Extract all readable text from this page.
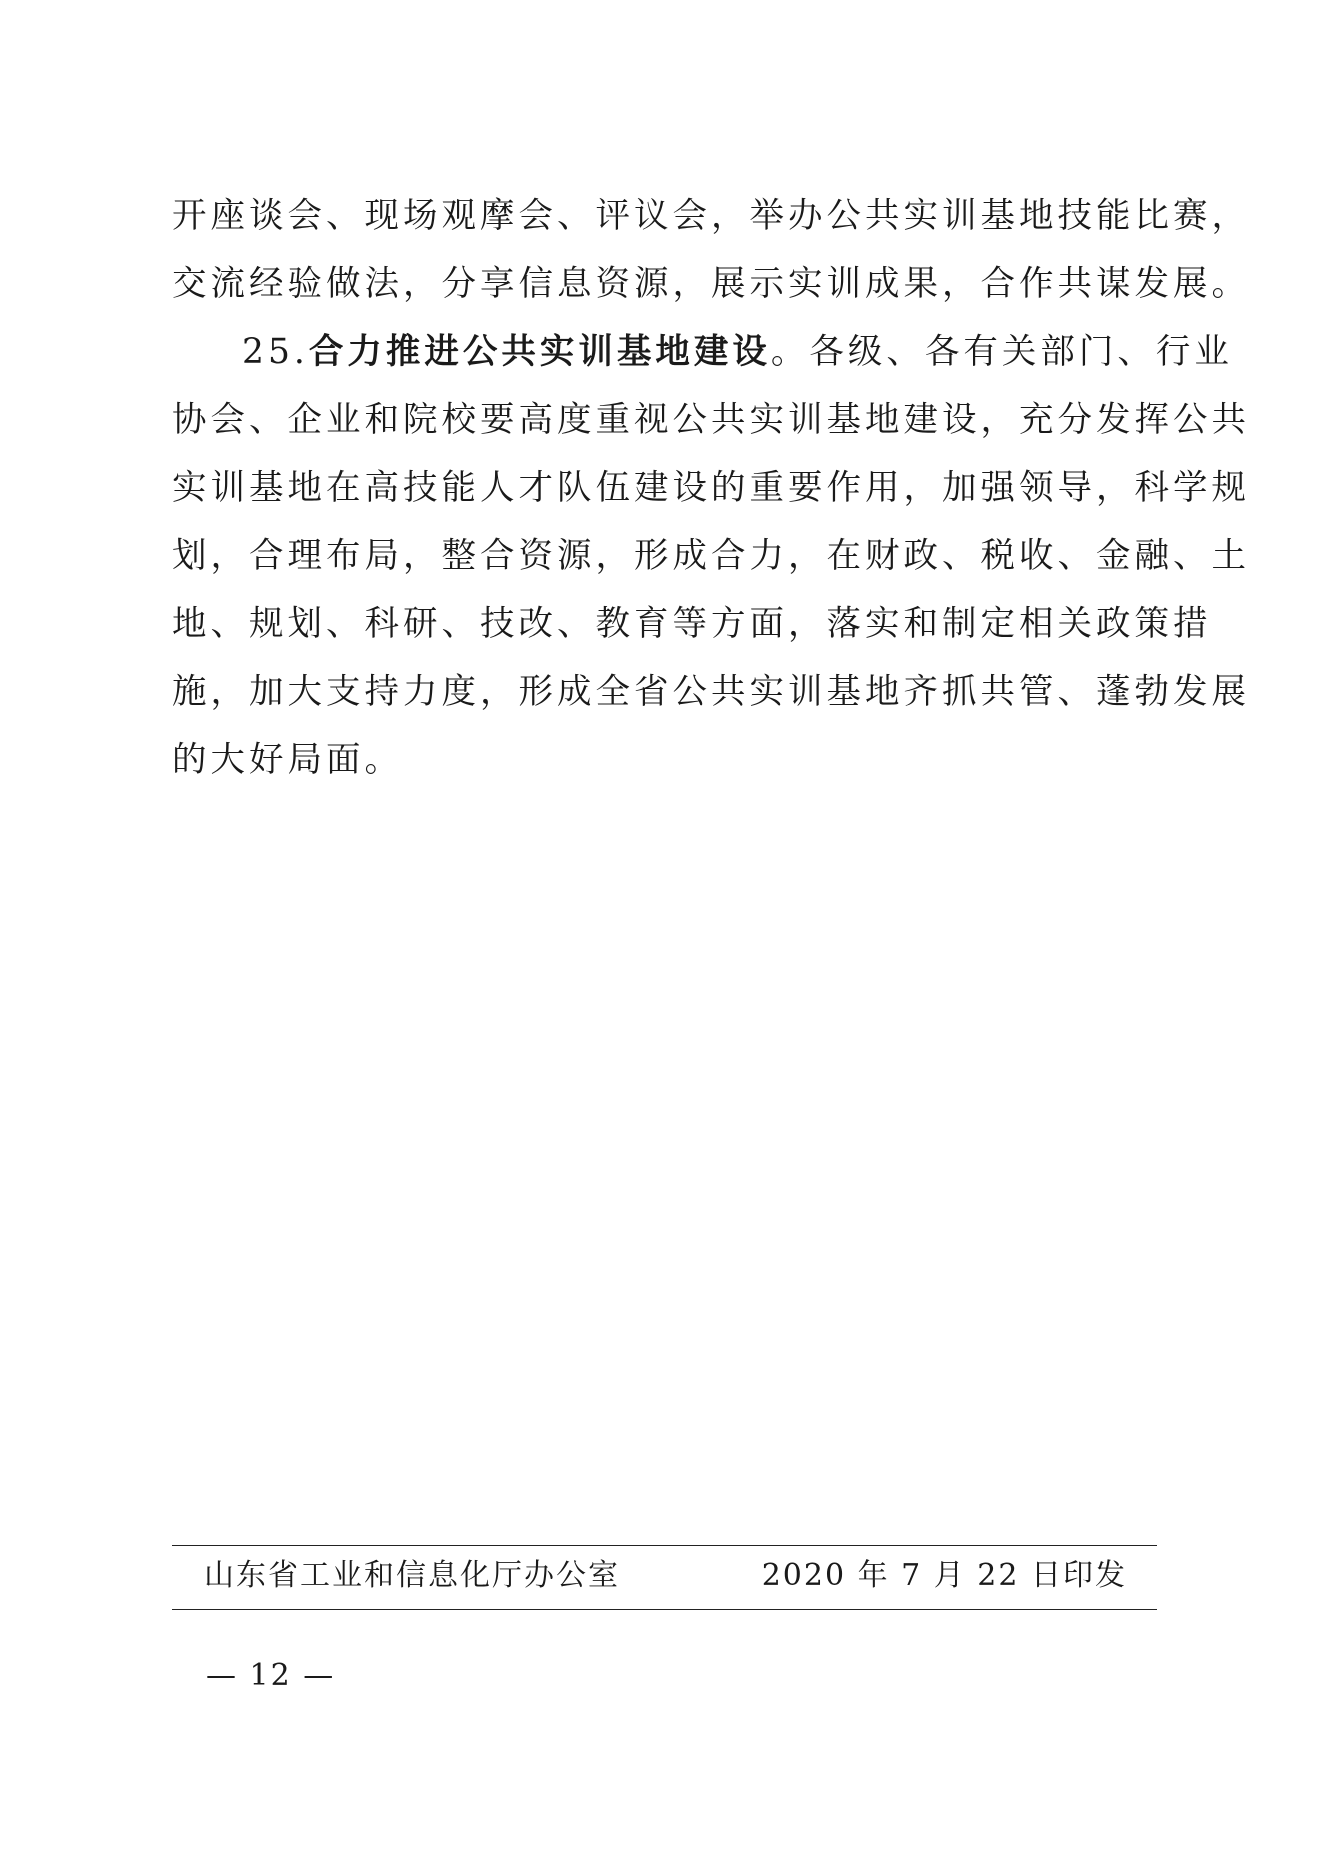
开座谈会、现场观摩会、评议会，举办公共实训基地技能比赛，
交流经验做法，分享信息资源，展示实训成果，合作共谋发展。
25.合力推进公共实训基地建设。各级、各有关部门、行业
协会、企业和院校要高度重视公共实训基地建设，充分发挥公共
实训基地在高技能人才队伍建设的重要作用，加强领导，科学规
划，合理布局，整合资源，形成合力，在财政、税收、金融、土
地、规划、科研、技改、教育等方面，落实和制定相关政策措
施，加大支持力度，形成全省公共实训基地齐抓共管、蓬勃发展
的大好局面。
山东省工业和信息化厅办公室	2020 年 7 月 22 日印发
— 12 —
